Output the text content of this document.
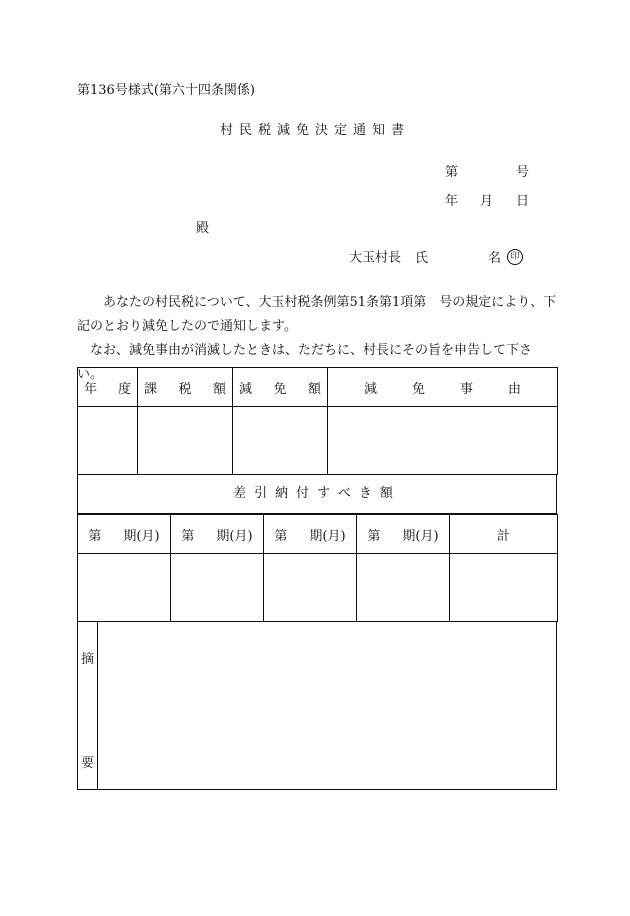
第136号様式(第六十四条関係)
村民税減免決定通知書
第	号
年 月 日
殿
大玉村長 氏	名 印
あなたの村民税について、大玉村税条例第51条第1項第　号の規定により、下記のとおり減免したので通知します。
なお、減免事由が消滅したときは、ただちに、村長にその旨を申告して下さい。
年 度	課 税 額	減 免 額	減 免 事 由

差引納付すべき額
第 期(月)	第 期(月)	第 期(月)	第 期(月)	計

摘
要
